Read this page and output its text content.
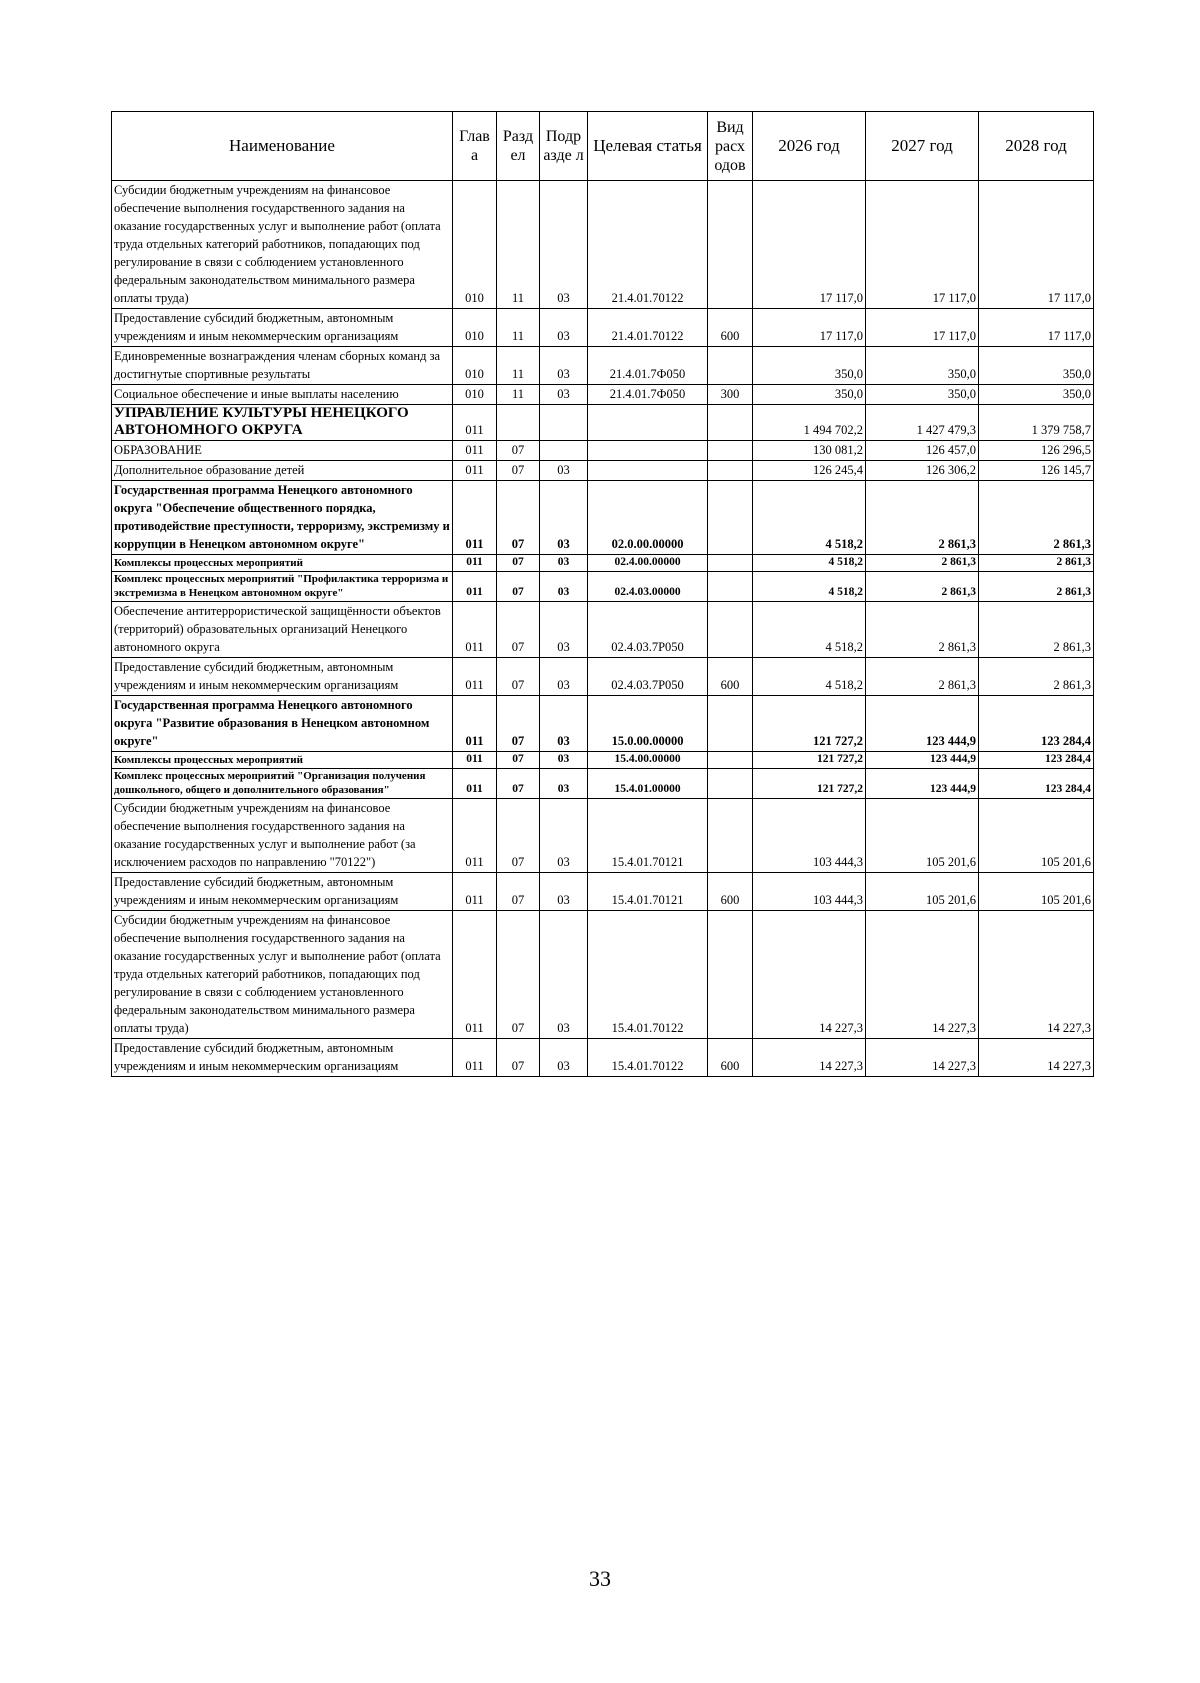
Наименование	Глав а	Разд ел	Подр азде л	Целевая статья	Вид расх одов	2026 год	2027 год	2028 год
Субсидии бюджетным учреждениям на финансовое обеспечение выполнения государственного задания на оказание государственных услуг и выполнение работ (оплата труда отдельных категорий работников, попадающих под регулирование в связи с соблюдением установленного федеральным законодательством минимального размера оплаты труда)	010	11	03	21.4.01.70122		17 117,0	17 117,0	17 117,0
Предоставление субсидий бюджетным, автономным учреждениям и иным некоммерческим организациям	010	11	03	21.4.01.70122	600	17 117,0	17 117,0	17 117,0
Единовременные вознаграждения членам сборных команд за достигнутые спортивные результаты	010	11	03	21.4.01.7Ф050		350,0	350,0	350,0
Социальное обеспечение и иные выплаты населению	010	11	03	21.4.01.7Ф050	300	350,0	350,0	350,0
УПРАВЛЕНИЕ КУЛЬТУРЫ НЕНЕЦКОГО АВТОНОМНОГО ОКРУГА	011					1 494 702,2	1 427 479,3	1 379 758,7
ОБРАЗОВАНИЕ	011	07				130 081,2	126 457,0	126 296,5
Дополнительное образование детей	011	07	03			126 245,4	126 306,2	126 145,7
Государственная программа Ненецкого автономного округа "Обеспечение общественного порядка, противодействие преступности, терроризму, экстремизму и коррупции в Ненецком автономном округе"	011	07	03	02.0.00.00000		4 518,2	2 861,3	2 861,3
Комплексы процессных мероприятий	011	07	03	02.4.00.00000		4 518,2	2 861,3	2 861,3
Комплекс процессных мероприятий "Профилактика терроризма и экстремизма в Ненецком автономном округе"	011	07	03	02.4.03.00000		4 518,2	2 861,3	2 861,3
Обеспечение антитеррористической защищённости объектов (территорий) образовательных организаций Ненецкого автономного округа	011	07	03	02.4.03.7Р050		4 518,2	2 861,3	2 861,3
Предоставление субсидий бюджетным, автономным учреждениям и иным некоммерческим организациям	011	07	03	02.4.03.7Р050	600	4 518,2	2 861,3	2 861,3
Государственная программа Ненецкого автономного округа "Развитие образования в Ненецком автономном округе"	011	07	03	15.0.00.00000		121 727,2	123 444,9	123 284,4
Комплексы процессных мероприятий	011	07	03	15.4.00.00000		121 727,2	123 444,9	123 284,4
Комплекс процессных мероприятий "Организация получения дошкольного, общего и дополнительного образования"	011	07	03	15.4.01.00000		121 727,2	123 444,9	123 284,4
Субсидии бюджетным учреждениям на финансовое обеспечение выполнения государственного задания на оказание государственных услуг и выполнение работ (за исключением расходов по направлению "70122")	011	07	03	15.4.01.70121		103 444,3	105 201,6	105 201,6
Предоставление субсидий бюджетным, автономным учреждениям и иным некоммерческим организациям	011	07	03	15.4.01.70121	600	103 444,3	105 201,6	105 201,6
Субсидии бюджетным учреждениям на финансовое обеспечение выполнения государственного задания на оказание государственных услуг и выполнение работ (оплата труда отдельных категорий работников, попадающих под регулирование в связи с соблюдением установленного федеральным законодательством минимального размера оплаты труда)	011	07	03	15.4.01.70122		14 227,3	14 227,3	14 227,3
Предоставление субсидий бюджетным, автономным учреждениям и иным некоммерческим организациям	011	07	03	15.4.01.70122	600	14 227,3	14 227,3	14 227,3
33
